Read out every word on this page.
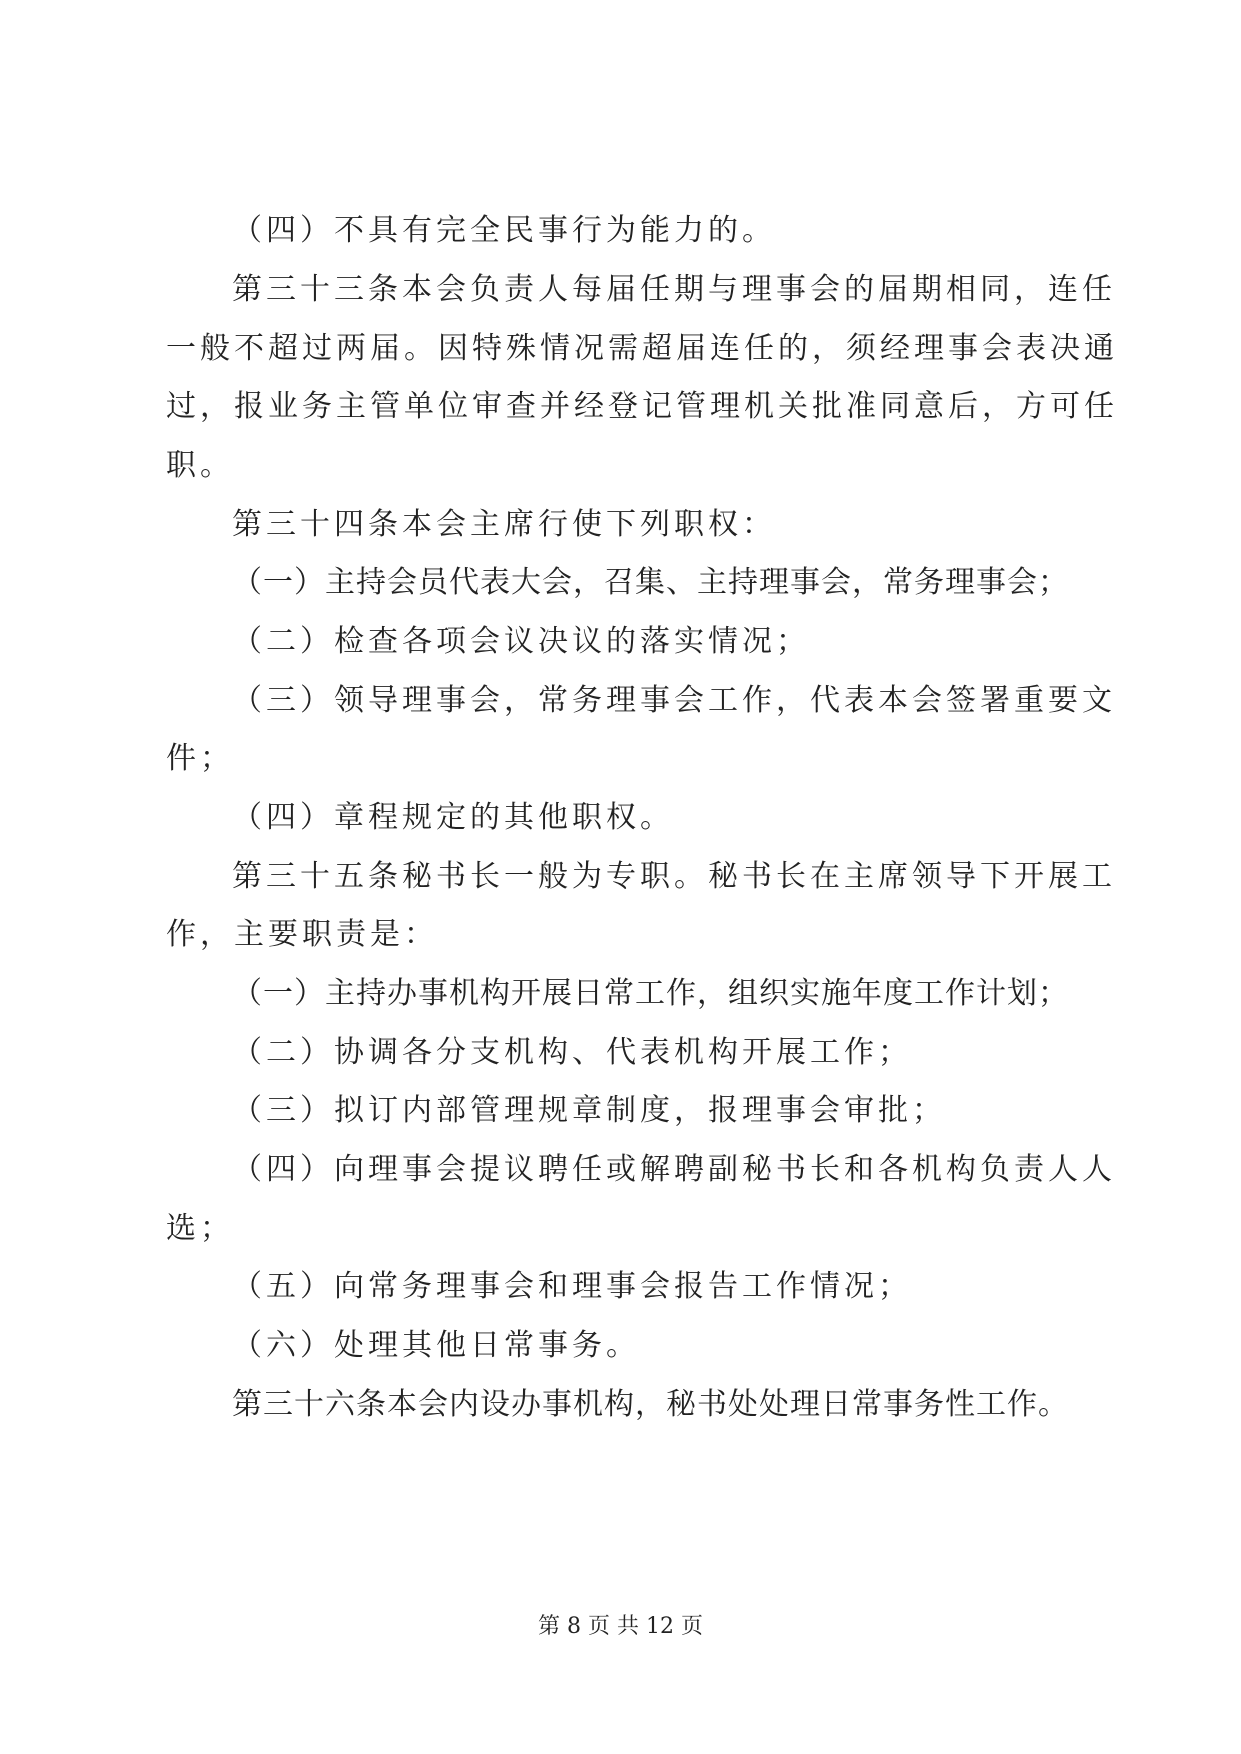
（四）不具有完全民事行为能力的。
第三十三条本会负责人每届任期与理事会的届期相同，连任
一般不超过两届。因特殊情况需超届连任的，须经理事会表决通
过，报业务主管单位审查并经登记管理机关批准同意后，方可任
职。
第三十四条本会主席行使下列职权：
（一）主持会员代表大会，召集、主持理事会，常务理事会；
（二）检查各项会议决议的落实情况；
（三）领导理事会，常务理事会工作，代表本会签署重要文
件；
（四）章程规定的其他职权。
第三十五条秘书长一般为专职。秘书长在主席领导下开展工
作，主要职责是：
（一）主持办事机构开展日常工作，组织实施年度工作计划；
（二）协调各分支机构、代表机构开展工作；
（三）拟订内部管理规章制度，报理事会审批；
（四）向理事会提议聘任或解聘副秘书长和各机构负责人人
选；
（五）向常务理事会和理事会报告工作情况；
（六）处理其他日常事务。
第三十六条本会内设办事机构，秘书处处理日常事务性工作。
第 8 页 共 12 页
